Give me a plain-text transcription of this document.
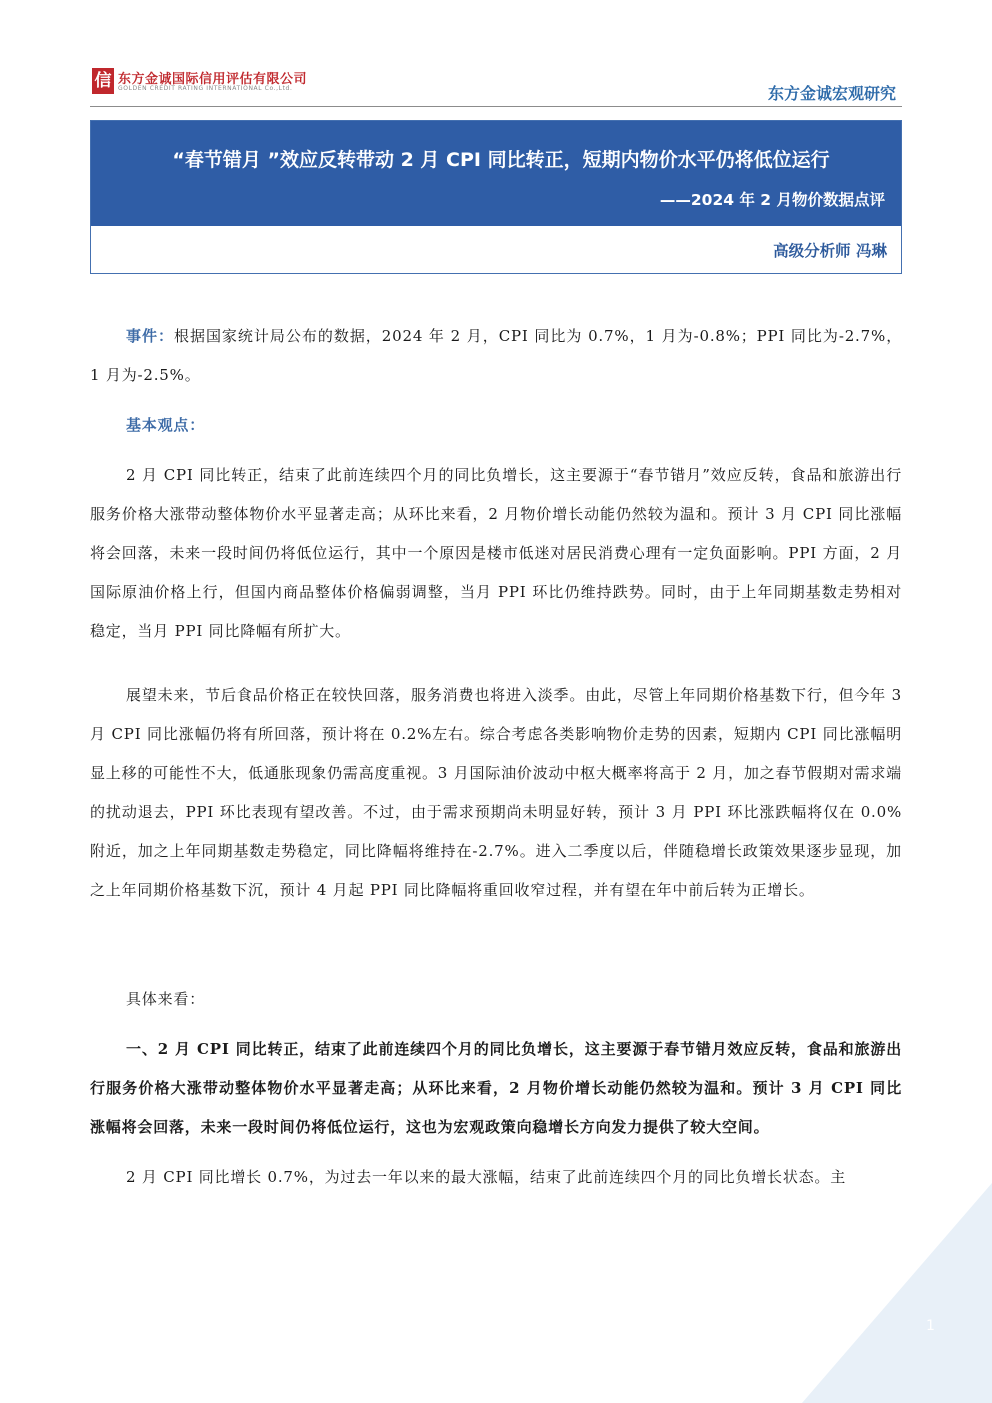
信 东方金诚国际信用评估有限公司
GOLDEN CREDIT RATING INTERNATIONAL Co.,Ltd.	东方金诚宏观研究
“春节错月 ”效应反转带动 2 月 CPI 同比转正，短期内物价水平仍将低位运行
——2024 年 2 月物价数据点评
高级分析师 冯琳

事件：根据国家统计局公布的数据，2024 年 2 月，CPI 同比为 0.7%，1 月为-0.8%；PPI 同比为-2.7%，1 月为-2.5%。

基本观点：

2 月 CPI 同比转正，结束了此前连续四个月的同比负增长，这主要源于“春节错月”效应反转，食品和旅游出行服务价格大涨带动整体物价水平显著走高；从环比来看，2 月物价增长动能仍然较为温和。预计 3 月 CPI 同比涨幅将会回落，未来一段时间仍将低位运行，其中一个原因是楼市低迷对居民消费心理有一定负面影响。PPI 方面，2 月国际原油价格上行，但国内商品整体价格偏弱调整，当月 PPI 环比仍维持跌势。同时，由于上年同期基数走势相对稳定，当月 PPI 同比降幅有所扩大。

展望未来，节后食品价格正在较快回落，服务消费也将进入淡季。由此，尽管上年同期价格基数下行，但今年 3 月 CPI 同比涨幅仍将有所回落，预计将在 0.2%左右。综合考虑各类影响物价走势的因素，短期内 CPI 同比涨幅明显上移的可能性不大，低通胀现象仍需高度重视。3 月国际油价波动中枢大概率将高于 2 月，加之春节假期对需求端的扰动退去，PPI 环比表现有望改善。不过，由于需求预期尚未明显好转，预计 3 月 PPI 环比涨跌幅将仅在 0.0%附近，加之上年同期基数走势稳定，同比降幅将维持在-2.7%。进入二季度以后，伴随稳增长政策效果逐步显现，加之上年同期价格基数下沉，预计 4 月起 PPI 同比降幅将重回收窄过程，并有望在年中前后转为正增长。

具体来看：

一、2 月 CPI 同比转正，结束了此前连续四个月的同比负增长，这主要源于春节错月效应反转，食品和旅游出行服务价格大涨带动整体物价水平显著走高；从环比来看，2 月物价增长动能仍然较为温和。预计 3 月 CPI 同比涨幅将会回落，未来一段时间仍将低位运行，这也为宏观政策向稳增长方向发力提供了较大空间。

2 月 CPI 同比增长 0.7%，为过去一年以来的最大涨幅，结束了此前连续四个月的同比负增长状态。主

1
